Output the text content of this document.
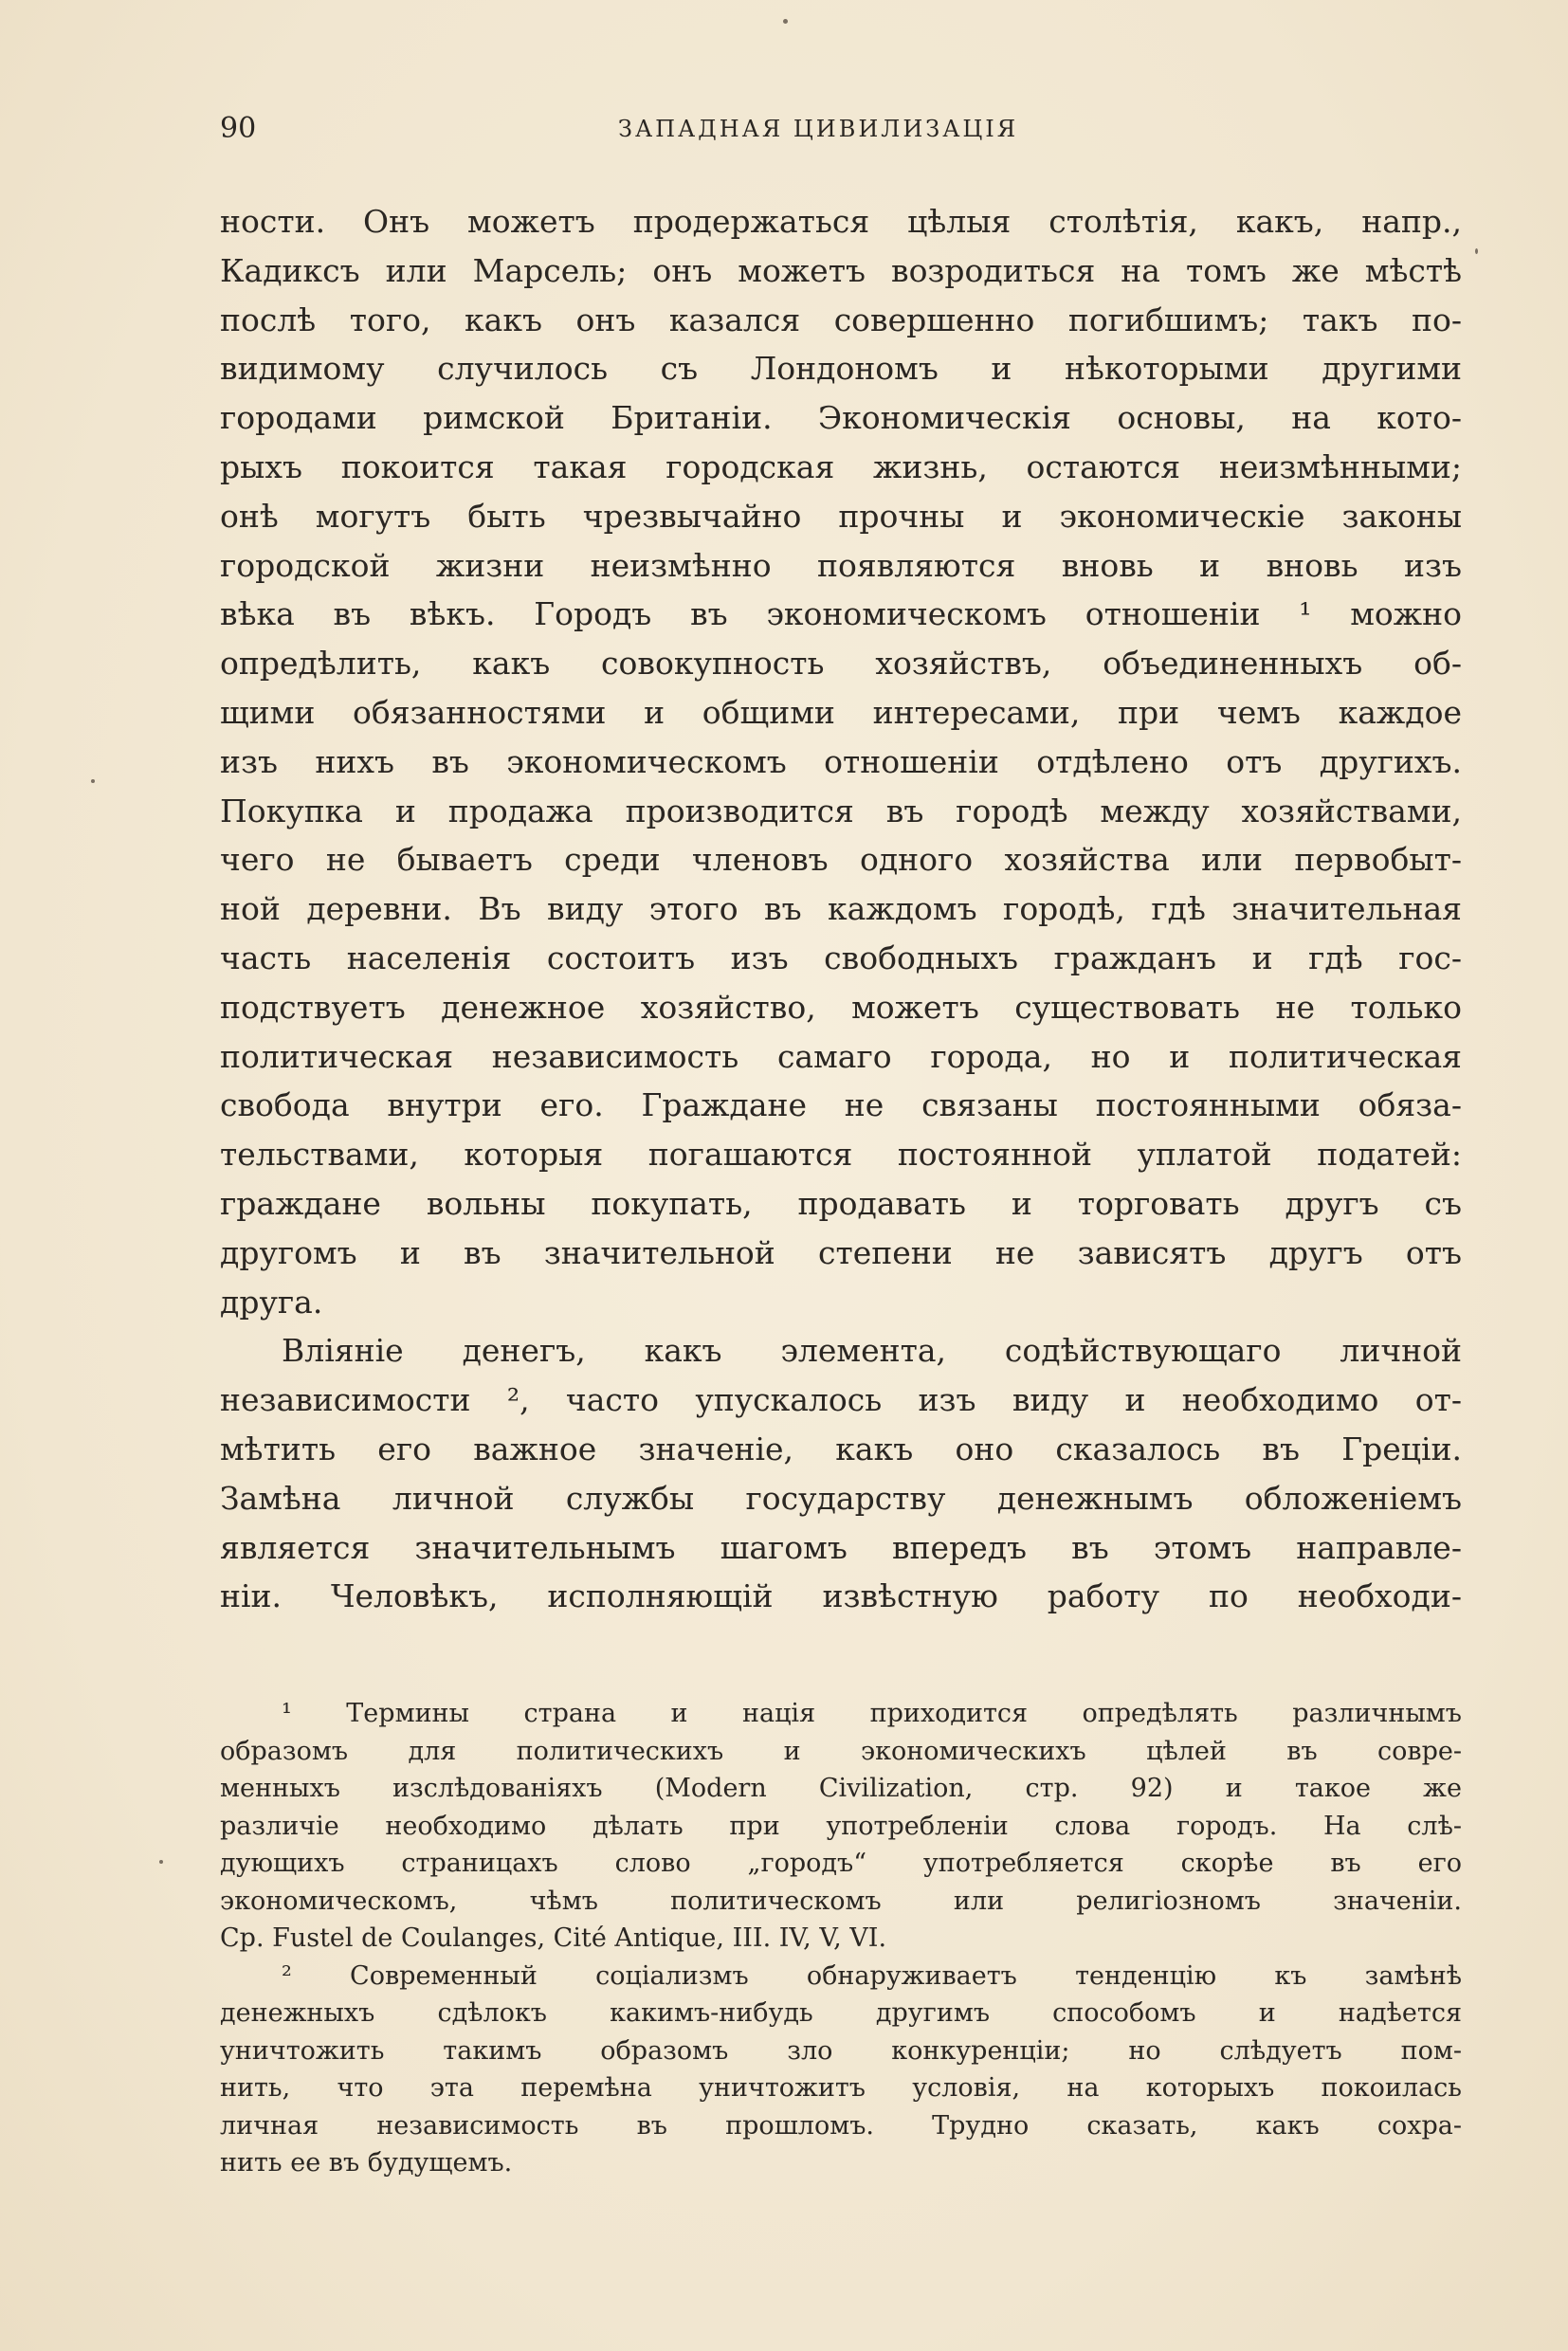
90	ЗАПАДНАЯ ЦИВИЛИЗАЦІЯ
ности. Онъ можетъ продержаться цѣлыя столѣтія, какъ, напр.,
Кадиксъ или Марсель; онъ можетъ возродиться на томъ же мѣстѣ
послѣ того, какъ онъ казался совершенно погибшимъ; такъ по-
видимому случилось съ Лондономъ и нѣкоторыми другими
городами римской Британіи. Экономическія основы, на кото-
рыхъ покоится такая городская жизнь, остаются неизмѣнными;
онѣ могутъ быть чрезвычайно прочны и экономическіе законы
городской жизни неизмѣнно появляются вновь и вновь изъ
вѣка въ вѣкъ. Городъ въ экономическомъ отношеніи ¹ можно
опредѣлить, какъ совокупность хозяйствъ, объединенныхъ об-
щими обязанностями и общими интересами, при чемъ каждое
изъ нихъ въ экономическомъ отношеніи отдѣлено отъ другихъ.
Покупка и продажа производится въ городѣ между хозяйствами,
чего не бываетъ среди членовъ одного хозяйства или первобыт-
ной деревни. Въ виду этого въ каждомъ городѣ, гдѣ значительная
часть населенія состоитъ изъ свободныхъ гражданъ и гдѣ гос-
подствуетъ денежное хозяйство, можетъ существовать не только
политическая независимость самаго города, но и политическая
свобода внутри его. Граждане не связаны постоянными обяза-
тельствами, которыя погашаются постоянной уплатой податей:
граждане вольны покупать, продавать и торговать другъ съ
другомъ и въ значительной степени не зависятъ другъ отъ
друга.
Вліяніе денегъ, какъ элемента, содѣйствующаго личной
независимости ², часто упускалось изъ виду и необходимо от-
мѣтить его важное значеніе, какъ оно сказалось въ Греціи.
Замѣна личной службы государству денежнымъ обложеніемъ
является значительнымъ шагомъ впередъ въ этомъ направле-
ніи. Человѣкъ, исполняющій извѣстную работу по необходи-
¹ Термины страна и нація приходится опредѣлять различнымъ
образомъ для политическихъ и экономическихъ цѣлей въ совре-
менныхъ изслѣдованіяхъ (Modern Civilization, стр. 92) и такое же
различіе необходимо дѣлать при употребленіи слова городъ. На слѣ-
дующихъ страницахъ слово „городъ“ употребляется скорѣе въ его
экономическомъ, чѣмъ политическомъ или религіозномъ значеніи.
Ср. Fustel de Coulanges, Cité Antique, III. IV, V, VI.
² Современный соціализмъ обнаруживаетъ тенденцію къ замѣнѣ
денежныхъ сдѣлокъ какимъ-нибудь другимъ способомъ и надѣется
уничтожить такимъ образомъ зло конкуренціи; но слѣдуетъ пом-
нить, что эта перемѣна уничтожитъ условія, на которыхъ покоилась
личная независимость въ прошломъ. Трудно сказать, какъ сохра-
нить ее въ будущемъ.
